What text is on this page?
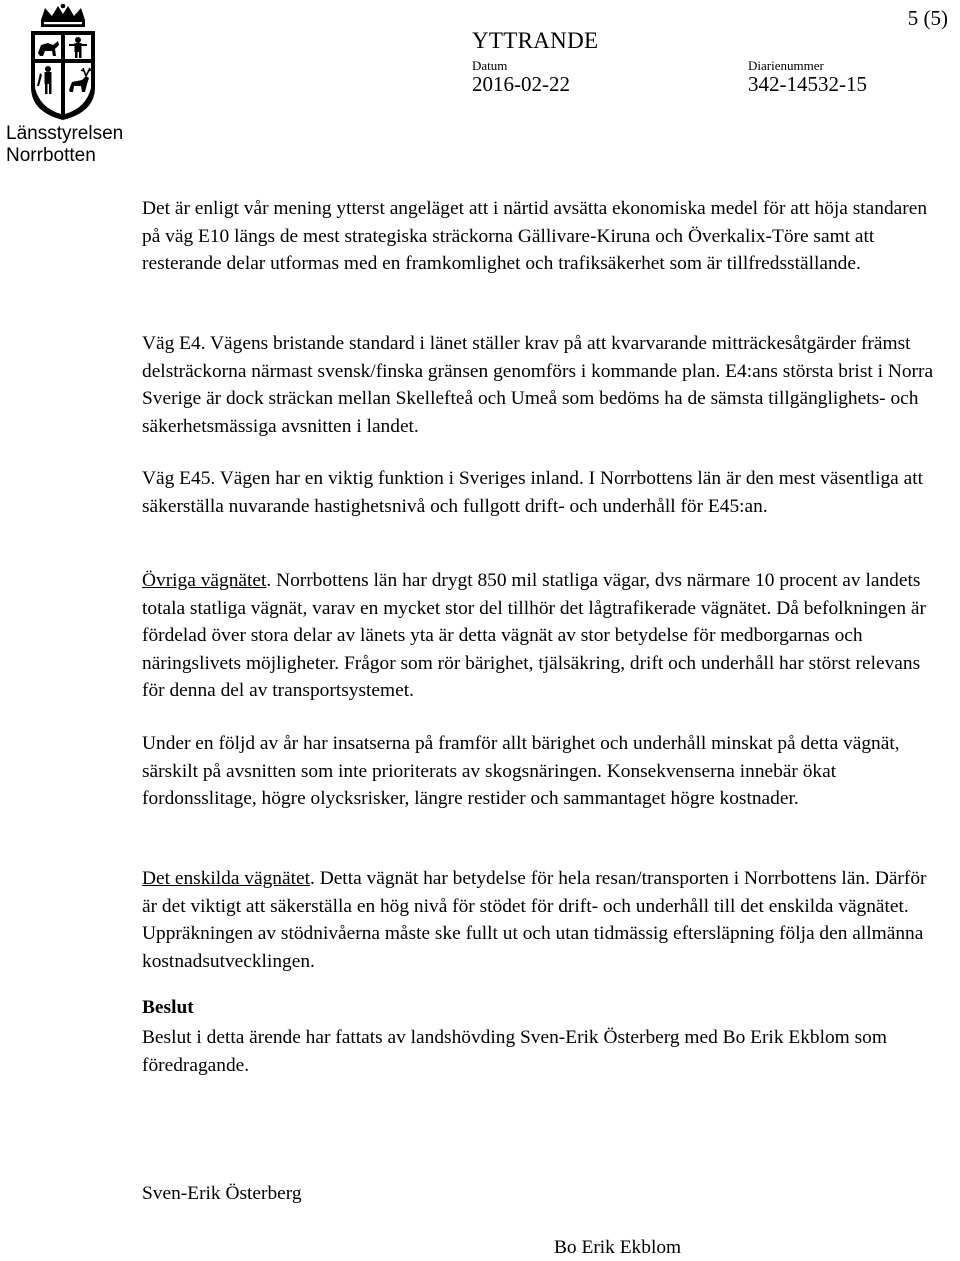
Länsstyrelsen
Norrbotten
5 (5)
YTTRANDE
Datum
2016-02-22
Diarienummer
342-14532-15

Det är enligt vår mening ytterst angeläget att i närtid avsätta ekonomiska medel för att höja standaren på väg E10 längs de mest strategiska sträckorna Gällivare-Kiruna och Överkalix-Töre samt att resterande delar utformas med en framkomlighet och trafiksäkerhet som är tillfredsställande.

Väg E4. Vägens bristande standard i länet ställer krav på att kvarvarande mitträckesåtgärder främst delsträckorna närmast svensk/finska gränsen genomförs i kommande plan. E4:ans största brist i Norra Sverige är dock sträckan mellan Skellefteå och Umeå som bedöms ha de sämsta tillgänglighets- och säkerhetsmässiga avsnitten i landet.

Väg E45. Vägen har en viktig funktion i Sveriges inland. I Norrbottens län är den mest väsentliga att säkerställa nuvarande hastighetsnivå och fullgott drift- och underhåll för E45:an.

Övriga vägnätet. Norrbottens län har drygt 850 mil statliga vägar, dvs närmare 10 procent av landets totala statliga vägnät, varav en mycket stor del tillhör det lågtrafikerade vägnätet. Då befolkningen är fördelad över stora delar av länets yta är detta vägnät av stor betydelse för medborgarnas och näringslivets möjligheter. Frågor som rör bärighet, tjälsäkring, drift och underhåll har störst relevans för denna del av transportsystemet.

Under en följd av år har insatserna på framför allt bärighet och underhåll minskat på detta vägnät, särskilt på avsnitten som inte prioriterats av skogsnäringen. Konsekvenserna innebär ökat fordonsslitage, högre olycksrisker, längre restider och sammantaget högre kostnader.

Det enskilda vägnätet. Detta vägnät har betydelse för hela resan/transporten i Norrbottens län. Därför är det viktigt att säkerställa en hög nivå för stödet för drift- och underhåll till det enskilda vägnätet. Uppräkningen av stödnivåerna måste ske fullt ut och utan tidmässig eftersläpning följa den allmänna kostnadsutvecklingen.

Beslut

Beslut i detta ärende har fattats av landshövding Sven-Erik Österberg med Bo Erik Ekblom som föredragande.

Sven-Erik Österberg
Bo Erik Ekblom
